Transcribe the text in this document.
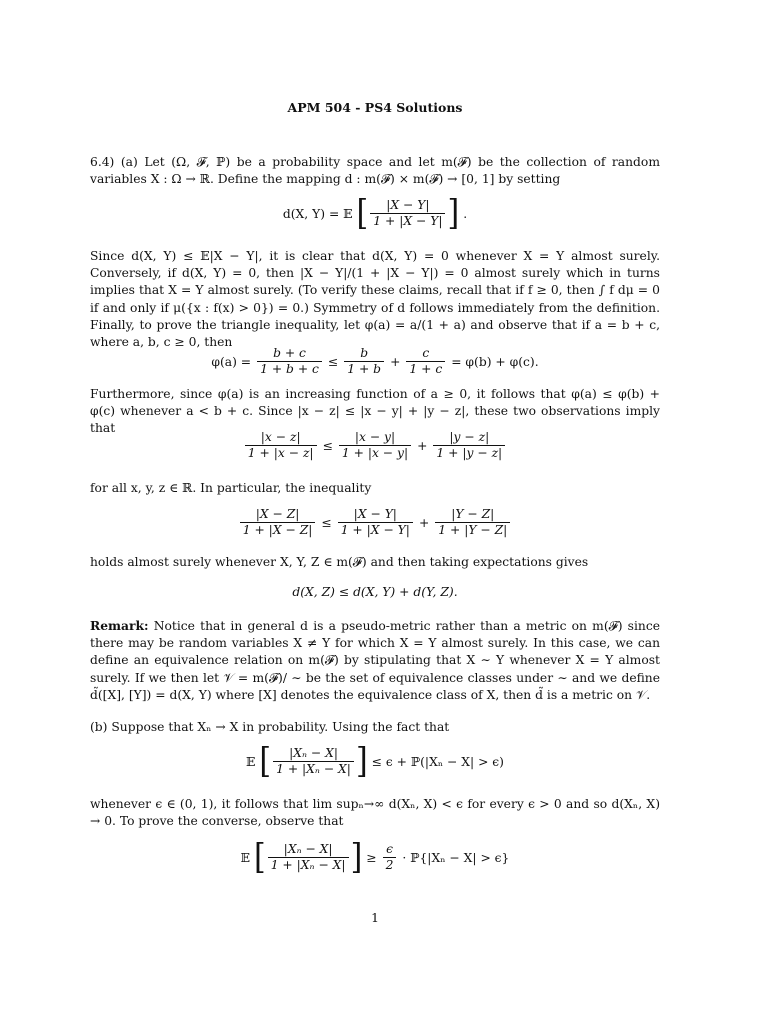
APM 504 - PS4 Solutions
6.4) (a) Let (Ω, 𝓕, ℙ) be a probability space and let m(𝓕) be the collection of random variables X : Ω → ℝ. Define the mapping d : m(𝓕) × m(𝓕) → [0, 1] by setting
d(X, Y) = 𝔼 [ $\frac{|X - Y|}{1 + |X - Y|}$ ] .
Since d(X, Y) ≤ 𝔼|X − Y|, it is clear that d(X, Y) = 0 whenever X = Y almost surely. Conversely, if d(X, Y) = 0, then |X − Y|/(1 + |X − Y|) = 0 almost surely which in turns implies that X = Y almost surely. (To verify these claims, recall that if f ≥ 0, then ∫ f dμ = 0 if and only if μ({x : f(x) > 0}) = 0.) Symmetry of d follows immediately from the definition. Finally, to prove the triangle inequality, let φ(a) = a/(1 + a) and observe that if a = b + c, where a, b, c ≥ 0, then
$\varphi(a) = \frac{b + c}{1 + b + c} \le \frac{b}{1 + b} + \frac{c}{1 + c} = \varphi(b) + \varphi(c)$.
Furthermore, since φ(a) is an increasing function of a ≥ 0, it follows that φ(a) ≤ φ(b) + φ(c) whenever a < b + c. Since |x − z| ≤ |x − y| + |y − z|, these two observations imply that
$\frac{|x - z|}{1 + |x - z|} \le \frac{|x - y|}{1 + |x - y|} + \frac{|y - z|}{1 + |y - z|}$
for all x, y, z ∈ ℝ. In particular, the inequality
$\frac{|X - Z|}{1 + |X - Z|} \le \frac{|X - Y|}{1 + |X - Y|} + \frac{|Y - Z|}{1 + |Y - Z|}$
holds almost surely whenever X, Y, Z ∈ m(𝓕) and then taking expectations gives
d(X, Z) ≤ d(X, Y) + d(Y, Z).
Remark: Notice that in general d is a pseudo-metric rather than a metric on m(𝓕) since there may be random variables X ≠ Y for which X = Y almost surely. In this case, we can define an equivalence relation on m(𝓕) by stipulating that X ∼ Y whenever X = Y almost surely. If we then let 𝒱 = m(𝓕)/ ∼ be the set of equivalence classes under ∼ and we define d̃([X], [Y]) = d(X, Y) where [X] denotes the equivalence class of X, then d̃ is a metric on 𝒱.
(b) Suppose that Xₙ → X in probability. Using the fact that
𝔼 [ $\frac{\text{|Xₙ − X|}}{\text{1 + |Xₙ − X|}}$ ] ≤ ϵ + ℙ(|Xₙ − X| > ϵ)
whenever ϵ ∈ (0, 1), it follows that lim supₙ→∞ d(Xₙ, X) < ϵ for every ϵ > 0 and so d(Xₙ, X) → 0. To prove the converse, observe that
𝔼 [ $\frac{\text{|Xₙ − X|}}{\text{1 + |Xₙ − X|}}$ ] ≥ $\frac{\epsilon}{2}$ · ℙ{|Xₙ − X| > ϵ}
1
